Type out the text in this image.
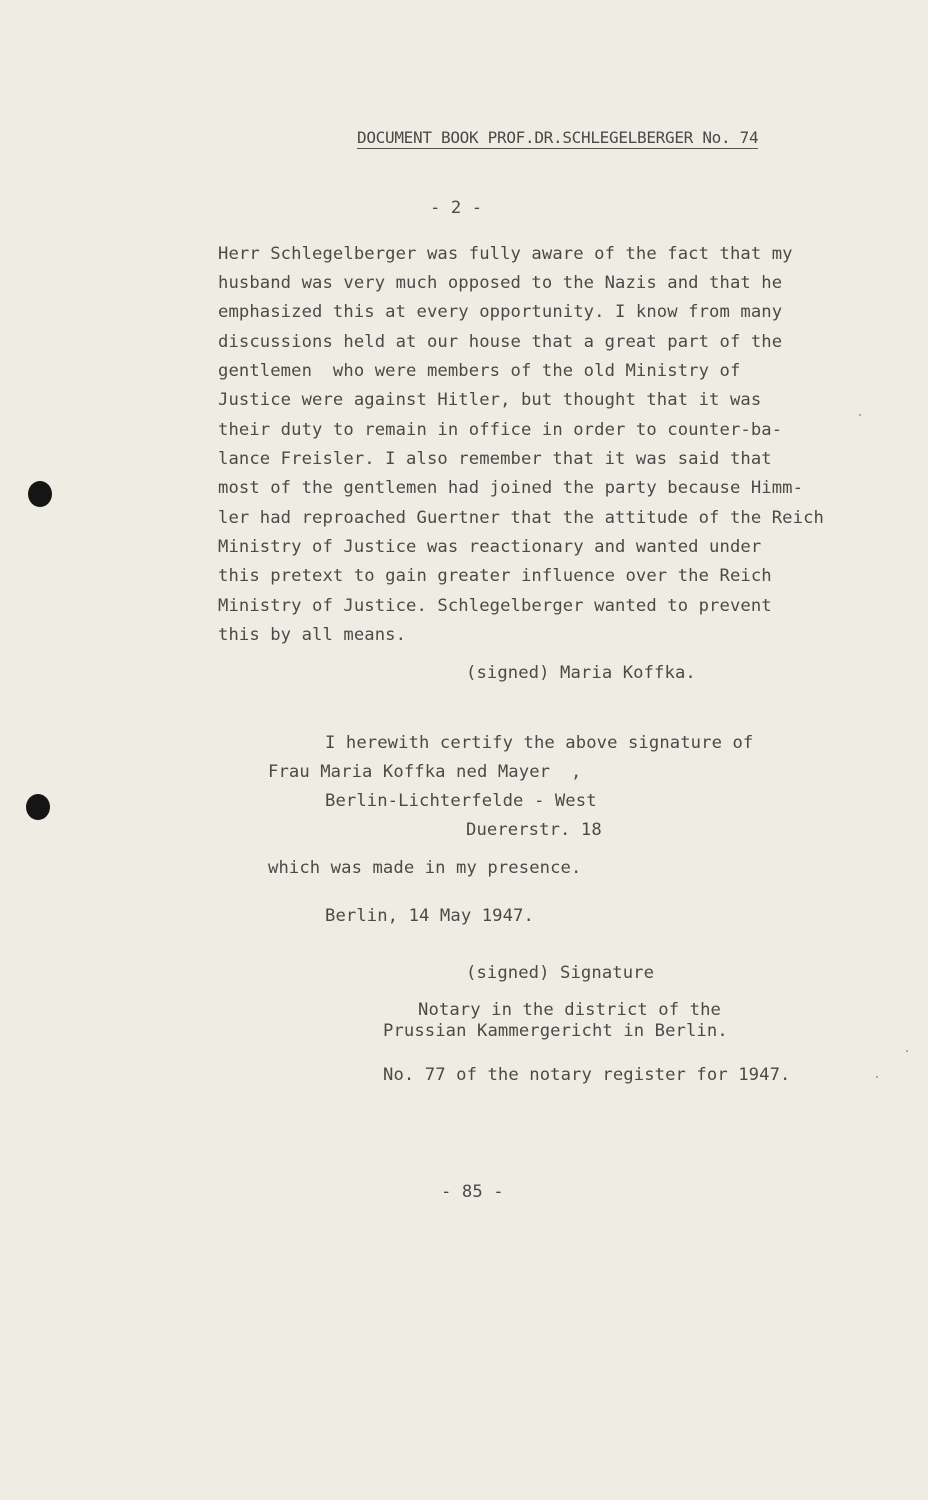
DOCUMENT BOOK PROF.DR.SCHLEGELBERGER No. 74
- 2 -
Herr Schlegelberger was fully aware of the fact that my
husband was very much opposed to the Nazis and that he
emphasized this at every opportunity. I know from many
discussions held at our house that a great part of the
gentlemen  who were members of the old Ministry of
Justice were against Hitler, but thought that it was
their duty to remain in office in order to counter-ba-
lance Freisler. I also remember that it was said that
most of the gentlemen had joined the party because Himm-
ler had reproached Guertner that the attitude of the Reich
Ministry of Justice was reactionary and wanted under
this pretext to gain greater influence over the Reich
Ministry of Justice. Schlegelberger wanted to prevent
this by all means.
(signed) Maria Koffka.
I herewith certify the above signature of
Frau Maria Koffka ned Mayer  ,
Berlin-Lichterfelde - West
Duererstr. 18
which was made in my presence.
Berlin, 14 May 1947.
(signed) Signature
Notary in the district of the
Prussian Kammergericht in Berlin.
No. 77 of the notary register for 1947.
- 85 -
